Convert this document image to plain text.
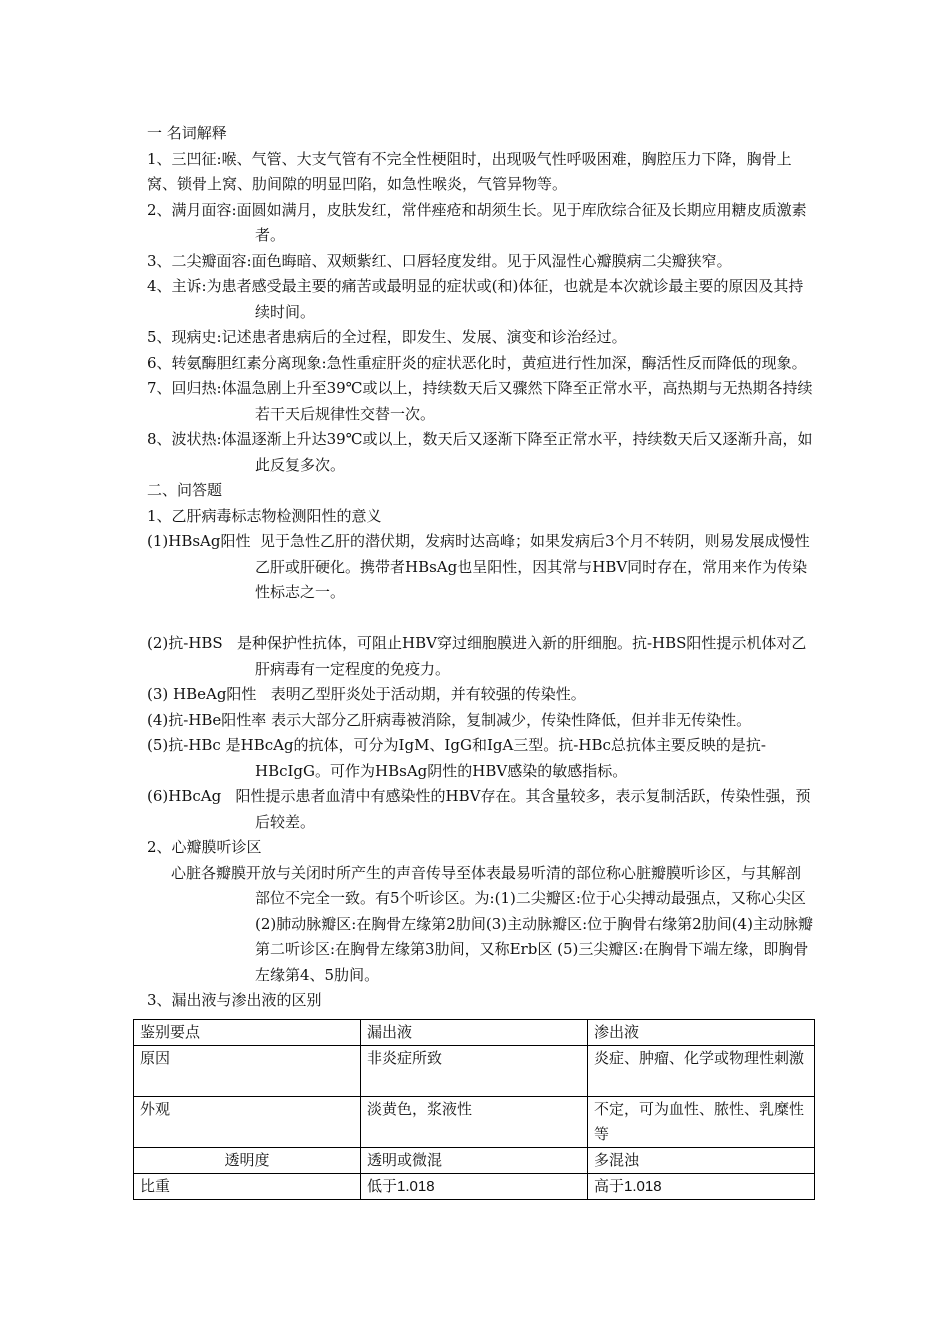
一 名词解释

1、三凹征:喉、气管、大支气管有不完全性梗阻时，出现吸气性呼吸困难，胸腔压力下降，胸骨上窝、锁骨上窝、肋间隙的明显凹陷，如急性喉炎，气管异物等。

2、满月面容:面圆如满月，皮肤发红，常伴痤疮和胡须生长。见于库欣综合征及长期应用糖皮质激素者。

3、二尖瓣面容:面色晦暗、双颊紫红、口唇轻度发绀。见于风湿性心瓣膜病二尖瓣狭窄。

4、主诉:为患者感受最主要的痛苦或最明显的症状或(和)体征，也就是本次就诊最主要的原因及其持续时间。

5、现病史:记述患者患病后的全过程，即发生、发展、演变和诊治经过。

6、转氨酶胆红素分离现象:急性重症肝炎的症状恶化时，黄疸进行性加深，酶活性反而降低的现象。

7、回归热:体温急剧上升至39℃或以上，持续数天后又骤然下降至正常水平，高热期与无热期各持续若干天后规律性交替一次。

8、波状热:体温逐渐上升达39℃或以上，数天后又逐渐下降至正常水平，持续数天后又逐渐升高，如此反复多次。

二、问答题

1、乙肝病毒标志物检测阳性的意义

(1)HBsAg阳性 见于急性乙肝的潜伏期，发病时达高峰；如果发病后3个月不转阴，则易发展成慢性乙肝或肝硬化。携带者HBsAg也呈阳性，因其常与HBV同时存在，常用来作为传染性标志之一。

(2)抗-HBS 是种保护性抗体，可阻止HBV穿过细胞膜进入新的肝细胞。抗-HBS阳性提示机体对乙肝病毒有一定程度的免疫力。

(3) HBeAg阳性 表明乙型肝炎处于活动期，并有较强的传染性。

(4)抗-HBe阳性率 表示大部分乙肝病毒被消除，复制减少，传染性降低，但并非无传染性。

(5)抗-HBc 是HBcAg的抗体，可分为IgM、IgG和IgA三型。抗-HBc总抗体主要反映的是抗-HBcIgG。可作为HBsAg阴性的HBV感染的敏感指标。

(6)HBcAg 阳性提示患者血清中有感染性的HBV存在。其含量较多，表示复制活跃，传染性强，预后较差。

2、心瓣膜听诊区

心脏各瓣膜开放与关闭时所产生的声音传导至体表最易听清的部位称心脏瓣膜听诊区，与其解剖部位不完全一致。有5个听诊区。为:(1)二尖瓣区:位于心尖搏动最强点，又称心尖区(2)肺动脉瓣区:在胸骨左缘第2肋间(3)主动脉瓣区:位于胸骨右缘第2肋间(4)主动脉瓣第二听诊区:在胸骨左缘第3肋间，又称Erb区 (5)三尖瓣区:在胸骨下端左缘，即胸骨左缘第4、5肋间。

3、漏出液与渗出液的区别

鉴别要点	漏出液	渗出液
原因	非炎症所致	炎症、肿瘤、化学或物理性刺激
外观	淡黄色，浆液性	不定，可为血性、脓性、乳糜性等
透明度	透明或微混	多混浊
比重	低于1.018	高于1.018
